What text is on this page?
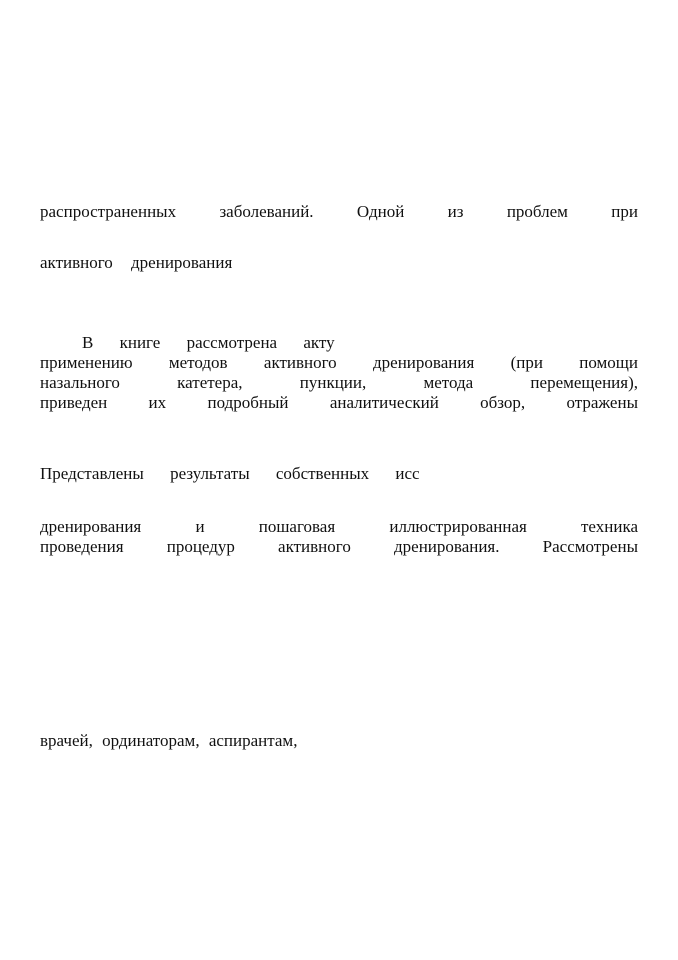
распространенных заболеваний. Одной из проблем при
активного дренирования
В книге рассмотрена акту
применению методов активного дренирования (при помощи
назального катетера, пункции, метода перемещения),
приведен их подробный аналитический обзор, отражены
Представлены результаты собственных исс
дренирования и пошаговая иллюстрированная техника
проведения процедур активного дренирования. Рассмотрены
врачей, ординаторам, аспирантам,
